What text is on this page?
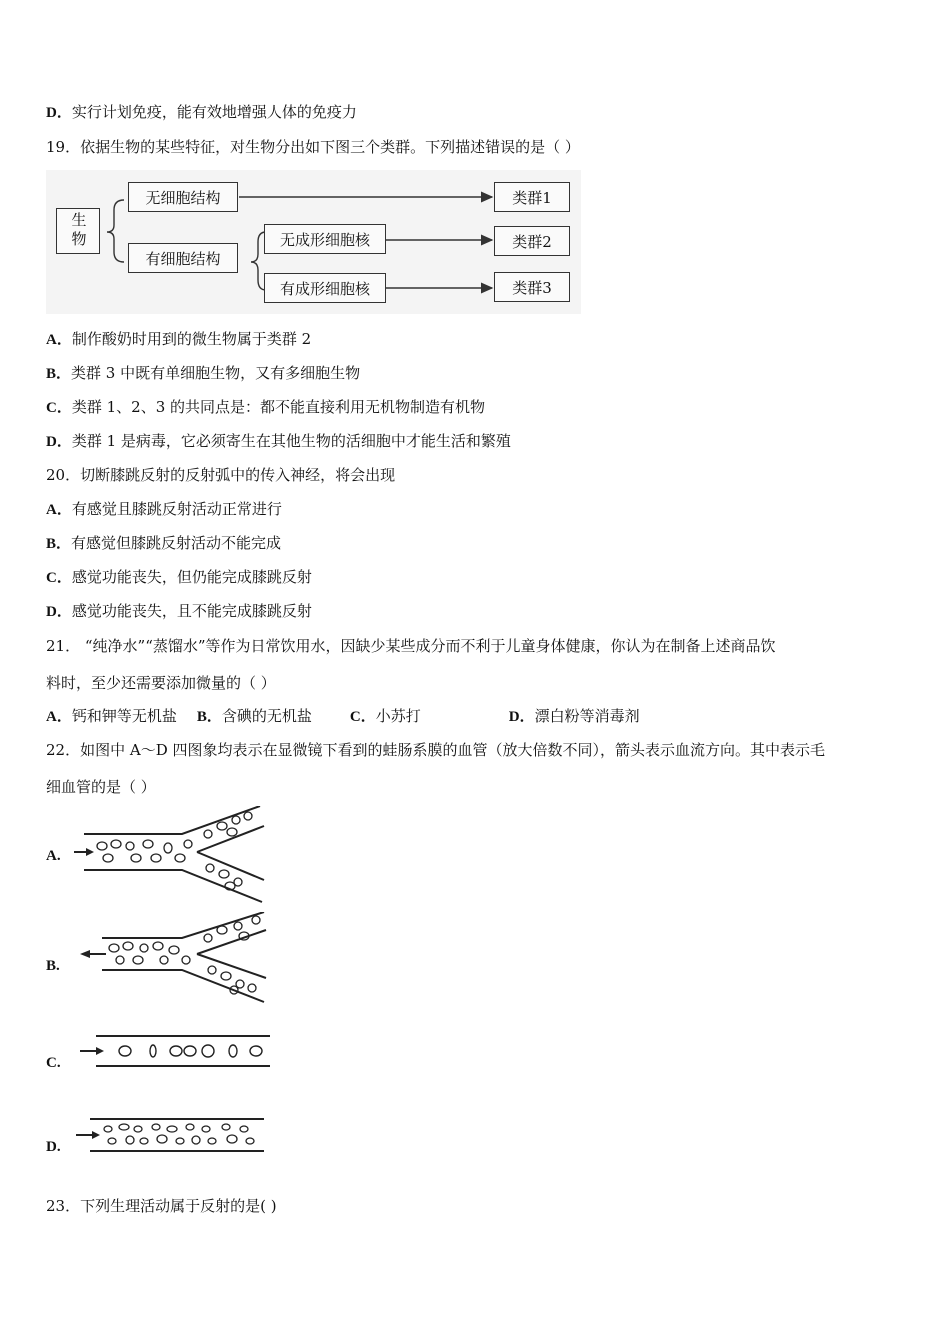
D．实行计划免疫，能有效地增强人体的免疫力
19．依据生物的某些特征，对生物分出如下图三个类群。下列描述错误的是（ ）
生物
无细胞结构
有细胞结构
无成形细胞核
有成形细胞核
类群1
类群2
类群3
A．制作酸奶时用到的微生物属于类群 2
B．类群 3 中既有单细胞生物，又有多细胞生物
C．类群 1、2、3 的共同点是：都不能直接利用无机物制造有机物
D．类群 1 是病毒，它必须寄生在其他生物的活细胞中才能生活和繁殖
20．切断膝跳反射的反射弧中的传入神经，将会出现
A．有感觉且膝跳反射活动正常进行
B．有感觉但膝跳反射活动不能完成
C．感觉功能丧失，但仍能完成膝跳反射
D．感觉功能丧失，且不能完成膝跳反射
21． “纯净水”“蒸馏水”等作为日常饮用水，因缺少某些成分而不利于儿童身体健康，你认为在制备上述商品饮
料时，至少还需要添加微量的（ ）
A．钙和钾等无机盐 B．含碘的无机盐	C．小苏打	D．漂白粉等消毒剂
22．如图中 A～D 四图象均表示在显微镜下看到的蛙肠系膜的血管（放大倍数不同），箭头表示血流方向。其中表示毛
细血管的是（ ）
A.
B.
C.
D.
23．下列生理活动属于反射的是( )
